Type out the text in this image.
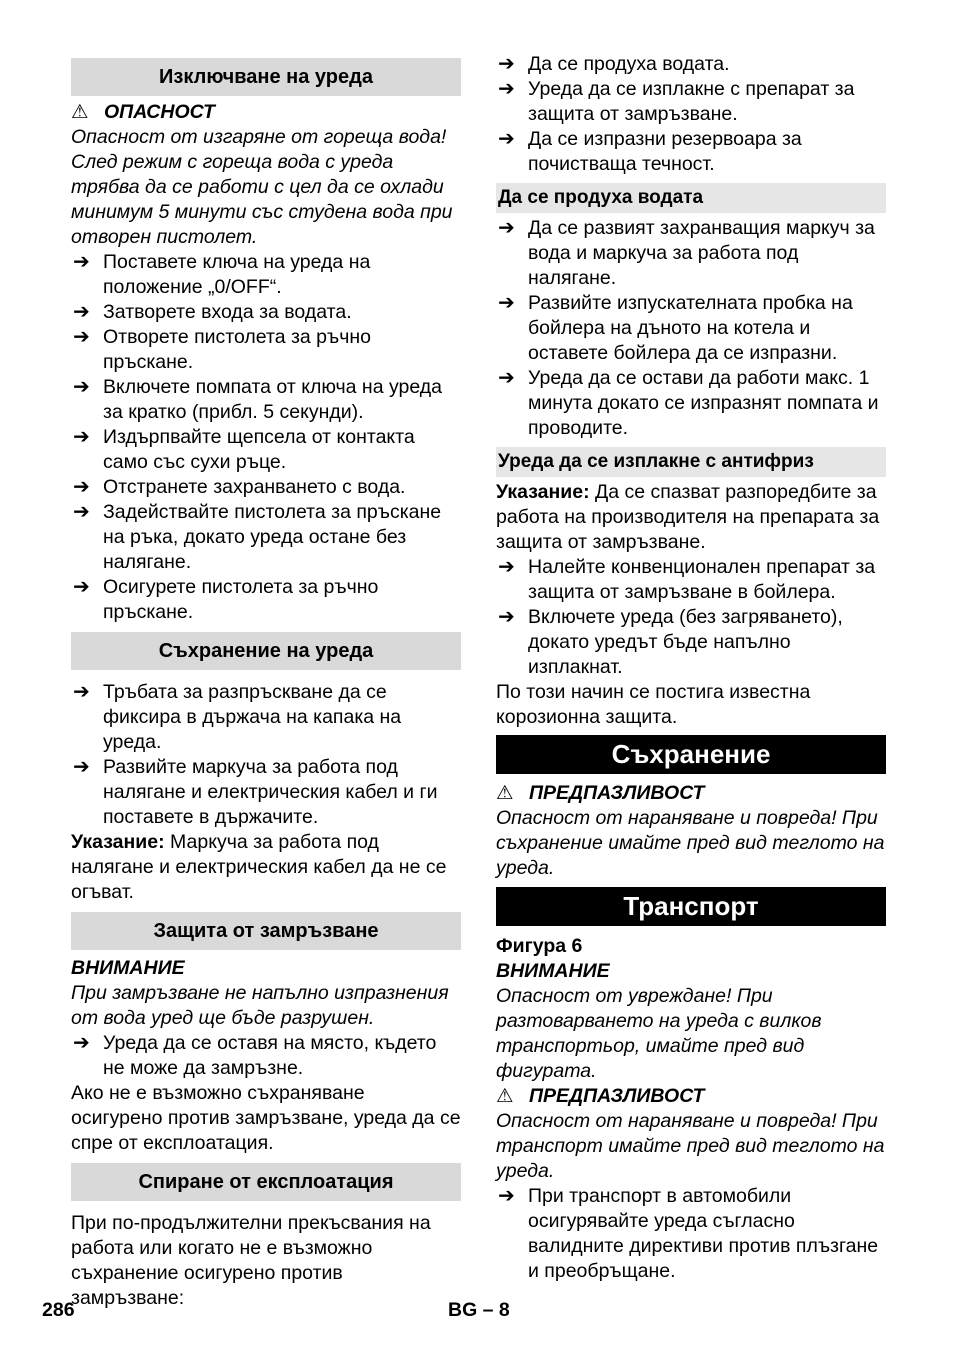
Изключване на уреда
⚠ ОПАСНОСТ

Опасност от изгаряне от гореща вода! След режим с гореща вода с уреда трябва да се работи с цел да се охлади минимум 5 минути със студена вода при отворен пистолет.

➔ Поставете ключа на уреда на положение „0/OFF“.
➔ Затворете входа за водата.
➔ Отворете пистолета за ръчно пръскане.
➔ Включете помпата от ключа на уреда за кратко (прибл. 5 секунди).
➔ Издърпвайте щепсела от контакта само със сухи ръце.
➔ Отстранете захранването с вода.
➔ Задействайте пистолета за пръскане на ръка, докато уреда остане без налягане.
➔ Осигурете пистолета за ръчно пръскане.
Съхранение на уреда
➔ Тръбата за разпръскване да се фиксира в държача на капака на уреда.
➔ Развийте маркуча за работа под налягане и електрическия кабел и ги поставете в държачите.

Указание: Маркуча за работа под налягане и електрическия кабел да не се огъват.

Защита от замръзване
ВНИМАНИЕ

При замръзване не напълно изпразнения от вода уред ще бъде разрушен.

➔ Уреда да се оставя на място, където не може да замръзне.

Ако не е възможно съхраняване осигурено против замръзване, уреда да се спре от експлоатация.

Спиране от експлоатация

При по-продължителни прекъсвания на работа или когато не е възможно съхранение осигурено против замръзване:

➔ Да се продуха водата.
➔ Уреда да се изплакне с препарат за защита от замръзване.
➔ Да се изпразни резервоара за почистваща течност.
Да се продуха водата
➔ Да се развият захранващия маркуч за вода и маркуча за работа под налягане.
➔ Развийте изпускателната пробка на бойлера на дъното на котела и оставете бойлера да се изпразни.
➔ Уреда да се остави да работи макс. 1 минута докато се изпразнят помпата и проводите.
Уреда да се изплакне с антифриз

Указание: Да се спазват разпоредбите за работа на производителя на препарата за защита от замръзване.

➔ Налейте конвенционален препарат за защита от замръзване в бойлера.
➔ Включете уреда (без загряването), докато уредът бъде напълно изплакнат.

По този начин се постига известна корозионна защита.

Съхранение
⚠ ПРЕДПАЗЛИВОСТ

Опасност от нараняване и повреда! При съхранение имайте пред вид теглото на уреда.

Транспорт
Фигура 6
ВНИМАНИЕ

Опасност от увреждане! При разтоварването на уреда с вилков транспортьор, имайте пред вид фигурата.

⚠ ПРЕДПАЗЛИВОСТ

Опасност от нараняване и повреда! При транспорт имайте пред вид теглото на уреда.

➔ При транспорт в автомобили осигурявайте уреда съгласно валидните директиви против плъзгане и преобръщане.
286	BG – 8
